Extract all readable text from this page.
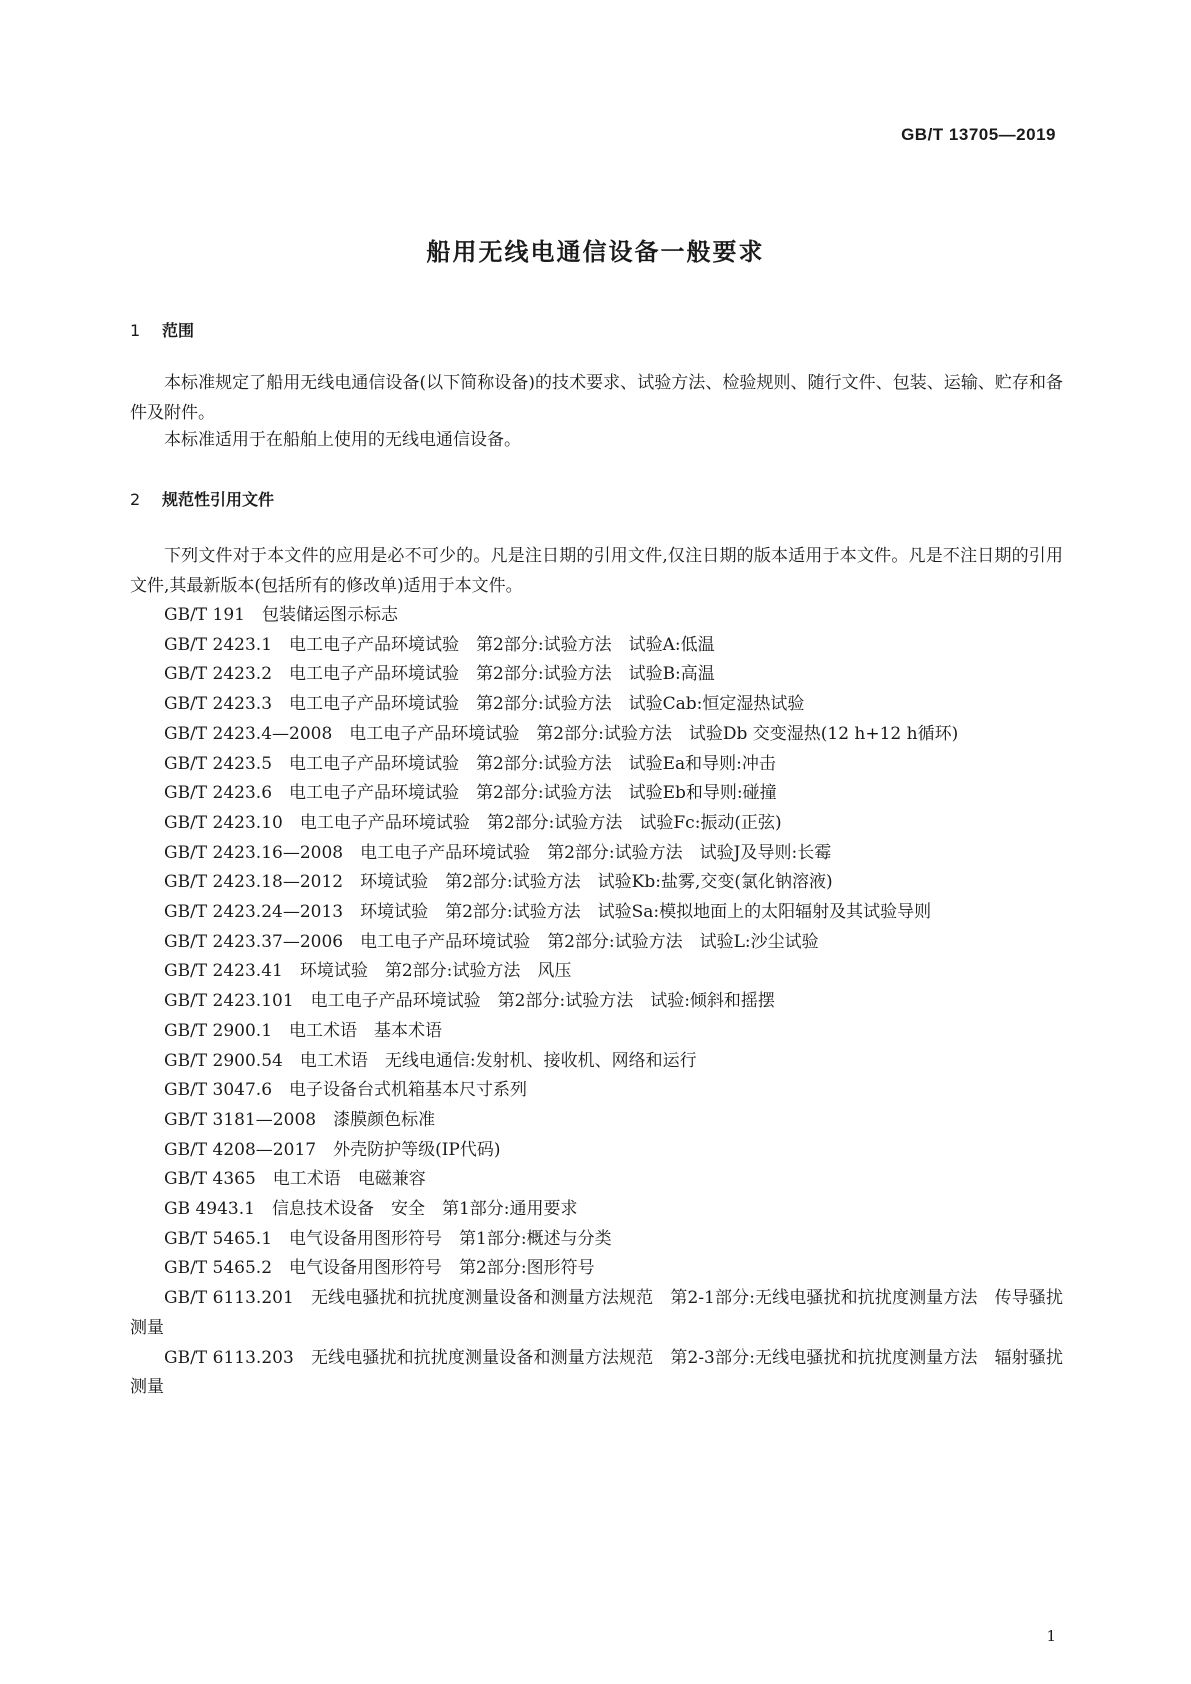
GB/T 13705—2019
船用无线电通信设备一般要求
1 范围
本标准规定了船用无线电通信设备(以下简称设备)的技术要求、试验方法、检验规则、随行文件、包装、运输、贮存和备件及附件。
本标准适用于在船舶上使用的无线电通信设备。
2 规范性引用文件
下列文件对于本文件的应用是必不可少的。凡是注日期的引用文件,仅注日期的版本适用于本文件。凡是不注日期的引用文件,其最新版本(包括所有的修改单)适用于本文件。
GB/T 191　包装储运图示标志
GB/T 2423.1　电工电子产品环境试验　第2部分:试验方法　试验A:低温
GB/T 2423.2　电工电子产品环境试验　第2部分:试验方法　试验B:高温
GB/T 2423.3　电工电子产品环境试验　第2部分:试验方法　试验Cab:恒定湿热试验
GB/T 2423.4—2008　电工电子产品环境试验　第2部分:试验方法　试验Db 交变湿热(12 h+12 h循环)
GB/T 2423.5　电工电子产品环境试验　第2部分:试验方法　试验Ea和导则:冲击
GB/T 2423.6　电工电子产品环境试验　第2部分:试验方法　试验Eb和导则:碰撞
GB/T 2423.10　电工电子产品环境试验　第2部分:试验方法　试验Fc:振动(正弦)
GB/T 2423.16—2008　电工电子产品环境试验　第2部分:试验方法　试验J及导则:长霉
GB/T 2423.18—2012　环境试验　第2部分:试验方法　试验Kb:盐雾,交变(氯化钠溶液)
GB/T 2423.24—2013　环境试验　第2部分:试验方法　试验Sa:模拟地面上的太阳辐射及其试验导则
GB/T 2423.37—2006　电工电子产品环境试验　第2部分:试验方法　试验L:沙尘试验
GB/T 2423.41　环境试验　第2部分:试验方法　风压
GB/T 2423.101　电工电子产品环境试验　第2部分:试验方法　试验:倾斜和摇摆
GB/T 2900.1　电工术语　基本术语
GB/T 2900.54　电工术语　无线电通信:发射机、接收机、网络和运行
GB/T 3047.6　电子设备台式机箱基本尺寸系列
GB/T 3181—2008　漆膜颜色标准
GB/T 4208—2017　外壳防护等级(IP代码)
GB/T 4365　电工术语　电磁兼容
GB 4943.1　信息技术设备　安全　第1部分:通用要求
GB/T 5465.1　电气设备用图形符号　第1部分:概述与分类
GB/T 5465.2　电气设备用图形符号　第2部分:图形符号
GB/T 6113.201　无线电骚扰和抗扰度测量设备和测量方法规范　第2-1部分:无线电骚扰和抗扰度测量方法　传导骚扰测量
GB/T 6113.203　无线电骚扰和抗扰度测量设备和测量方法规范　第2-3部分:无线电骚扰和抗扰度测量方法　辐射骚扰测量
1
